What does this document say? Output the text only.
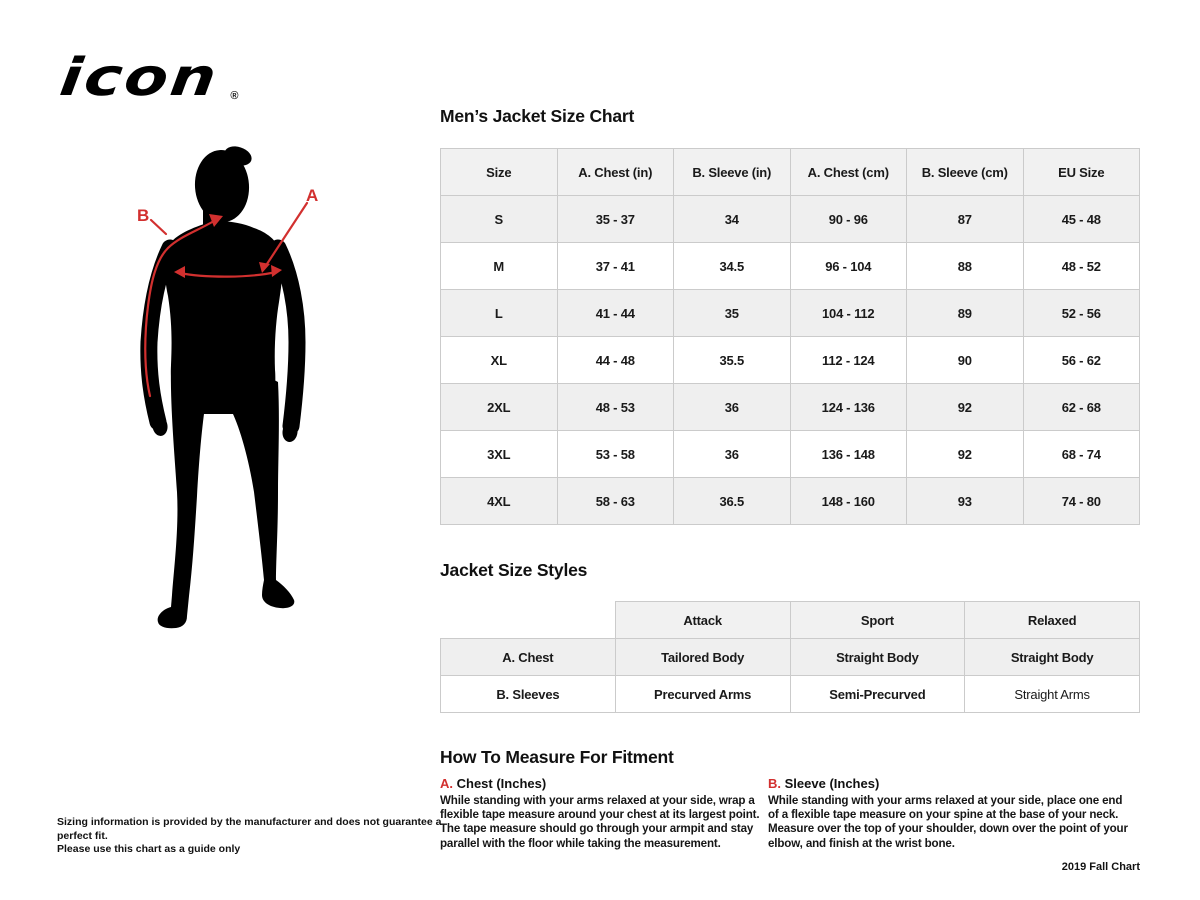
icon ®
B
A
Men’s Jacket Size Chart
Size	A. Chest (in)	B. Sleeve (in)	A. Chest (cm)	B. Sleeve (cm)	EU Size
S	35 - 37	34	90 - 96	87	45 - 48
M	37 - 41	34.5	96 - 104	88	48 - 52
L	41 - 44	35	104 - 112	89	52 - 56
XL	44 - 48	35.5	112 - 124	90	56 - 62
2XL	48 - 53	36	124 - 136	92	62 - 68
3XL	53 - 58	36	136 - 148	92	68 - 74
4XL	58 - 63	36.5	148 - 160	93	74 - 80
Jacket Size Styles
	Attack	Sport	Relaxed
A. Chest	Tailored Body	Straight Body	Straight Body
B. Sleeves	Precurved Arms	Semi-Precurved	Straight Arms
How To Measure For Fitment

A. Chest (Inches)

While standing with your arms relaxed at your side, wrap a flexible tape measure around your chest at its largest point. The tape measure should go through your armpit and stay parallel with the floor while taking the measurement.

B. Sleeve (Inches)

While standing with your arms relaxed at your side, place one end of a flexible tape measure on your spine at the base of your neck. Measure over the top of your shoulder, down over the point of your elbow, and finish at the wrist bone.

Sizing information is provided by the manufacturer and does not guarantee a perfect fit.
Please use this chart as a guide only
2019 Fall Chart
